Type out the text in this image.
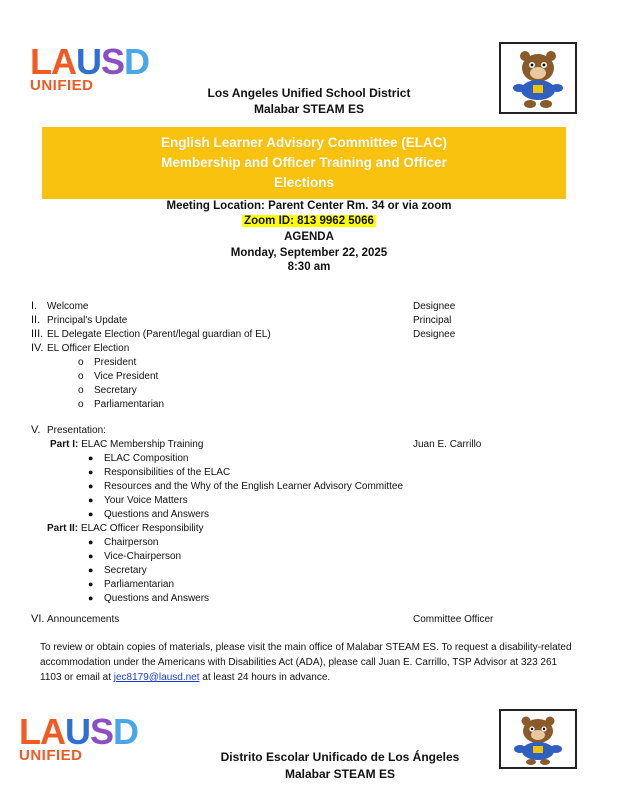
LAUSD
UNIFIED	Los Angeles Unified School District
Malabar STEAM ES
English Learner Advisory Committee (ELAC)
Membership and Officer Training and Officer
Elections
Meeting Location: Parent Center Rm. 34 or via zoom
Zoom ID: 813 9962 5066
AGENDA
Monday, September 22, 2025
8:30 am
I. Welcome	Designee
II. Principal's Update	Principal
III. EL Delegate Election (Parent/legal guardian of EL)	Designee
IV. EL Officer Election
o President
o Vice President
o Secretary
o Parliamentarian
V. Presentation:
Part I: ELAC Membership Training	Juan E. Carrillo
● ELAC Composition
● Responsibilities of the ELAC
● Resources and the Why of the English Learner Advisory Committee
● Your Voice Matters
● Questions and Answers
Part II: ELAC Officer Responsibility
● Chairperson
● Vice-Chairperson
● Secretary
● Parliamentarian
● Questions and Answers
VI. Announcements	Committee Officer
To review or obtain copies of materials, please visit the main office of Malabar STEAM ES. To request a disability-related accommodation under the Americans with Disabilities Act (ADA), please call Juan E. Carrillo, TSP Advisor at 323 261 1103 or email at jec8179@lausd.net at least 24 hours in advance.
LAUSD
UNIFIED	Distrito Escolar Unificado de Los Ángeles
Malabar STEAM ES
